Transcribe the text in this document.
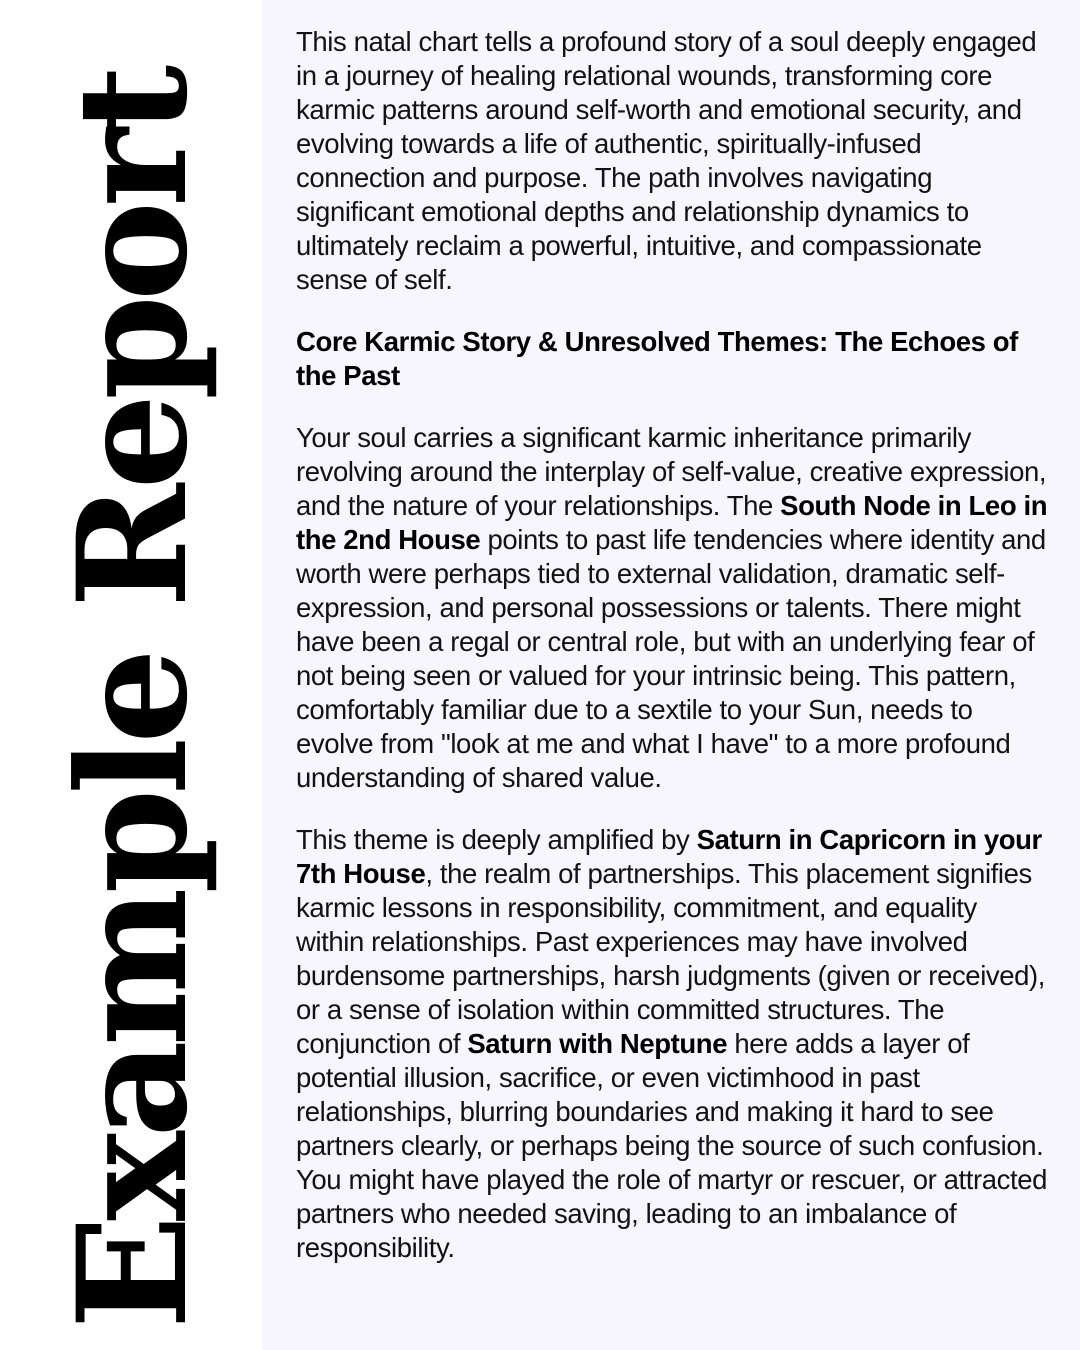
Example Report

This natal chart tells a profound story of a soul deeply engaged in a journey of healing relational wounds, transforming core karmic patterns around self-worth and emotional security, and evolving towards a life of authentic, spiritually-infused connection and purpose. The path involves navigating significant emotional depths and relationship dynamics to ultimately reclaim a powerful, intuitive, and compassionate sense of self.

Core Karmic Story & Unresolved Themes: The Echoes of the Past

Your soul carries a significant karmic inheritance primarily revolving around the interplay of self-value, creative expression, and the nature of your relationships. The South Node in Leo in the 2nd House points to past life tendencies where identity and worth were perhaps tied to external validation, dramatic self-expression, and personal possessions or talents. There might have been a regal or central role, but with an underlying fear of not being seen or valued for your intrinsic being. This pattern, comfortably familiar due to a sextile to your Sun, needs to evolve from "look at me and what I have" to a more profound understanding of shared value.

This theme is deeply amplified by Saturn in Capricorn in your 7th House, the realm of partnerships. This placement signifies karmic lessons in responsibility, commitment, and equality within relationships. Past experiences may have involved burdensome partnerships, harsh judgments (given or received), or a sense of isolation within committed structures. The conjunction of Saturn with Neptune here adds a layer of potential illusion, sacrifice, or even victimhood in past relationships, blurring boundaries and making it hard to see partners clearly, or perhaps being the source of such confusion. You might have played the role of martyr or rescuer, or attracted partners who needed saving, leading to an imbalance of responsibility.
